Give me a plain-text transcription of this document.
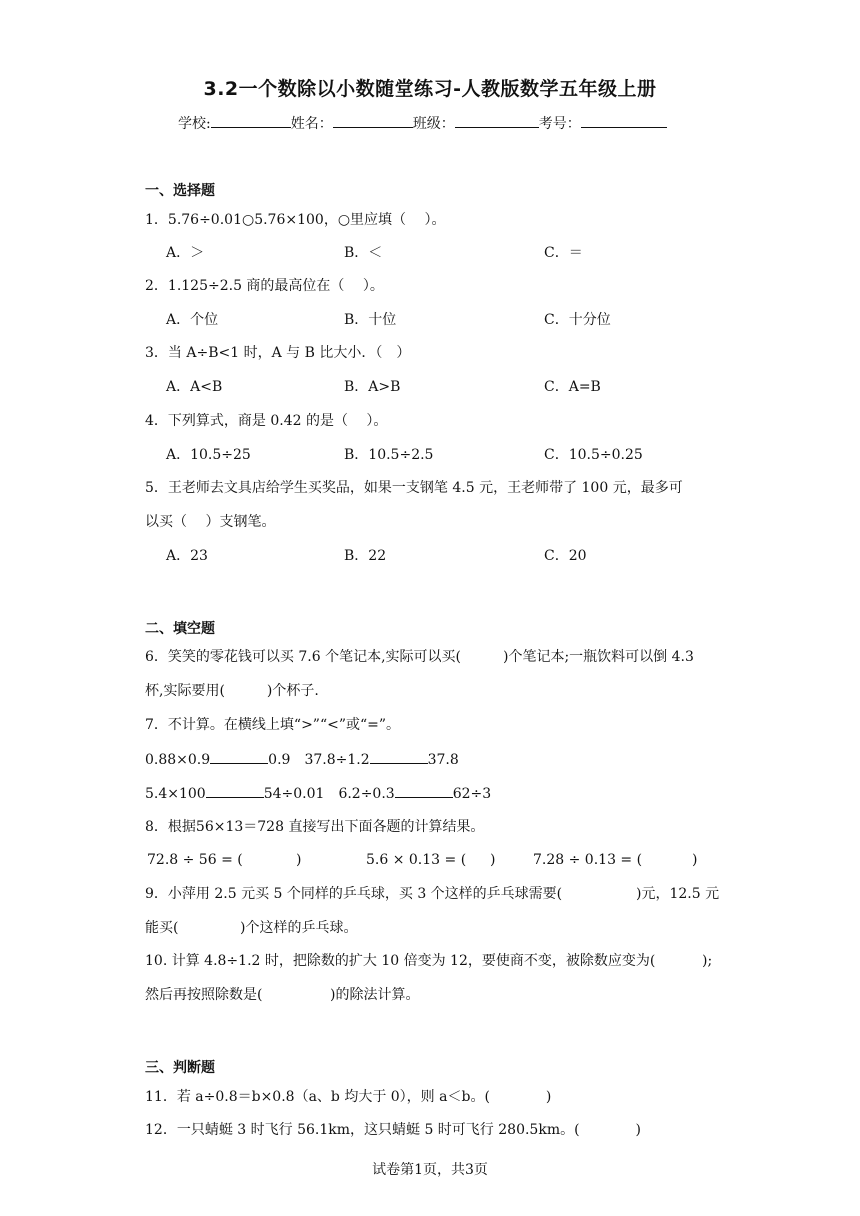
3.2一个数除以小数随堂练习-人教版数学五年级上册
学校:	姓名：	班级：	考号：
一、选择题
1．5.76÷0.01○5.76×100，○里应填（　 ）。
A．＞	B．＜	C．＝
2．1.125÷2.5 商的最高位在（　 ）。
A．个位	B．十位	C．十分位
3．当 A÷B<1 时，A 与 B 比大小．（　）
A．A<B	B．A>B	C．A=B
4．下列算式，商是 0.42 的是（　 ）。
A．10.5÷25	B．10.5÷2.5	C．10.5÷0.25
5．王老师去文具店给学生买奖品，如果一支钢笔 4.5 元，王老师带了 100 元，最多可
以买（　 ）支钢笔。
A．23	B．22	C．20
二、填空题
6．笑笑的零花钱可以买 7.6 个笔记本,实际可以买(　　　)个笔记本;一瓶饮料可以倒 4.3
杯,实际要用(　　　)个杯子.
7．不计算。在横线上填“>”“<”或“=”。
0.88×0.9	0.9 37.8÷1.2	37.8
5.4×100	54÷0.01 6.2÷0.3	62÷3
8．根据56×13＝728 直接写出下面各题的计算结果。
72.8 ÷ 56 = (	)	5.6 × 0.13 = ( )	7.28 ÷ 0.13 = (	)
9．小萍用 2.5 元买 5 个同样的乒乓球，买 3 个这样的乒乓球需要(	)元，12.5 元
能买(	)个这样的乒乓球。
10. 计算 4.8÷1.2 时，把除数的扩大 10 倍变为 12，要使商不变，被除数应变为(	);
然后再按照除数是(	)的除法计算。
三、判断题
11．若 a÷0.8＝b×0.8（a、b 均大于 0），则 a＜b。(　　　　)
12．一只蜻蜓 3 时飞行 56.1km，这只蜻蜓 5 时可飞行 280.5km。(　　　　)
试卷第1页，共3页
